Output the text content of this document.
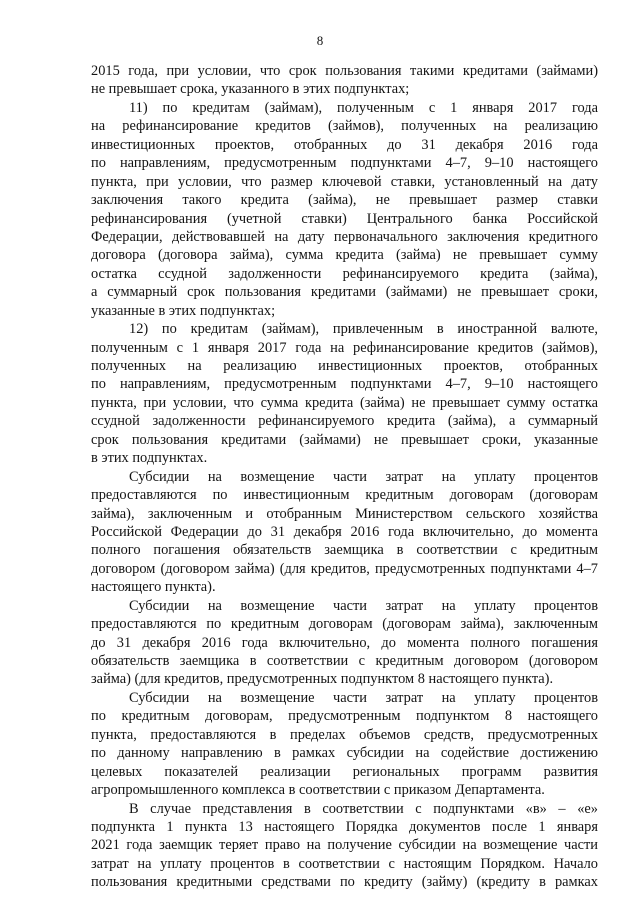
8
2015 года, при условии, что срок пользования такими кредитами (займами)
не превышает срока, указанного в этих подпунктах;
11) по кредитам (займам), полученным с 1 января 2017 года
на рефинансирование кредитов (займов), полученных на реализацию
инвестиционных проектов, отобранных до 31 декабря 2016 года
по направлениям, предусмотренным подпунктами 4–7, 9–10 настоящего
пункта, при условии, что размер ключевой ставки, установленный на дату
заключения такого кредита (займа), не превышает размер ставки
рефинансирования (учетной ставки) Центрального банка Российской
Федерации, действовавшей на дату первоначального заключения кредитного
договора (договора займа), сумма кредита (займа) не превышает сумму
остатка ссудной задолженности рефинансируемого кредита (займа),
а суммарный срок пользования кредитами (займами) не превышает сроки,
указанные в этих подпунктах;
12) по кредитам (займам), привлеченным в иностранной валюте,
полученным с 1 января 2017 года на рефинансирование кредитов (займов),
полученных на реализацию инвестиционных проектов, отобранных
по направлениям, предусмотренным подпунктами 4–7, 9–10 настоящего
пункта, при условии, что сумма кредита (займа) не превышает сумму остатка
ссудной задолженности рефинансируемого кредита (займа), а суммарный
срок пользования кредитами (займами) не превышает сроки, указанные
в этих подпунктах.
Субсидии на возмещение части затрат на уплату процентов
предоставляются по инвестиционным кредитным договорам (договорам
займа), заключенным и отобранным Министерством сельского хозяйства
Российской Федерации до 31 декабря 2016 года включительно, до момента
полного погашения обязательств заемщика в соответствии с кредитным
договором (договором займа) (для кредитов, предусмотренных подпунктами 4–7
настоящего пункта).
Субсидии на возмещение части затрат на уплату процентов
предоставляются по кредитным договорам (договорам займа), заключенным
до 31 декабря 2016 года включительно, до момента полного погашения
обязательств заемщика в соответствии с кредитным договором (договором
займа) (для кредитов, предусмотренных подпунктом 8 настоящего пункта).
Субсидии на возмещение части затрат на уплату процентов
по кредитным договорам, предусмотренным подпунктом 8 настоящего
пункта, предоставляются в пределах объемов средств, предусмотренных
по данному направлению в рамках субсидии на содействие достижению
целевых показателей реализации региональных программ развития
агропромышленного комплекса в соответствии с приказом Департамента.
В случае представления в соответствии с подпунктами «в» – «е»
подпункта 1 пункта 13 настоящего Порядка документов после 1 января
2021 года заемщик теряет право на получение субсидии на возмещение части
затрат на уплату процентов в соответствии с настоящим Порядком. Начало
пользования кредитными средствами по кредиту (займу) (кредиту в рамках
